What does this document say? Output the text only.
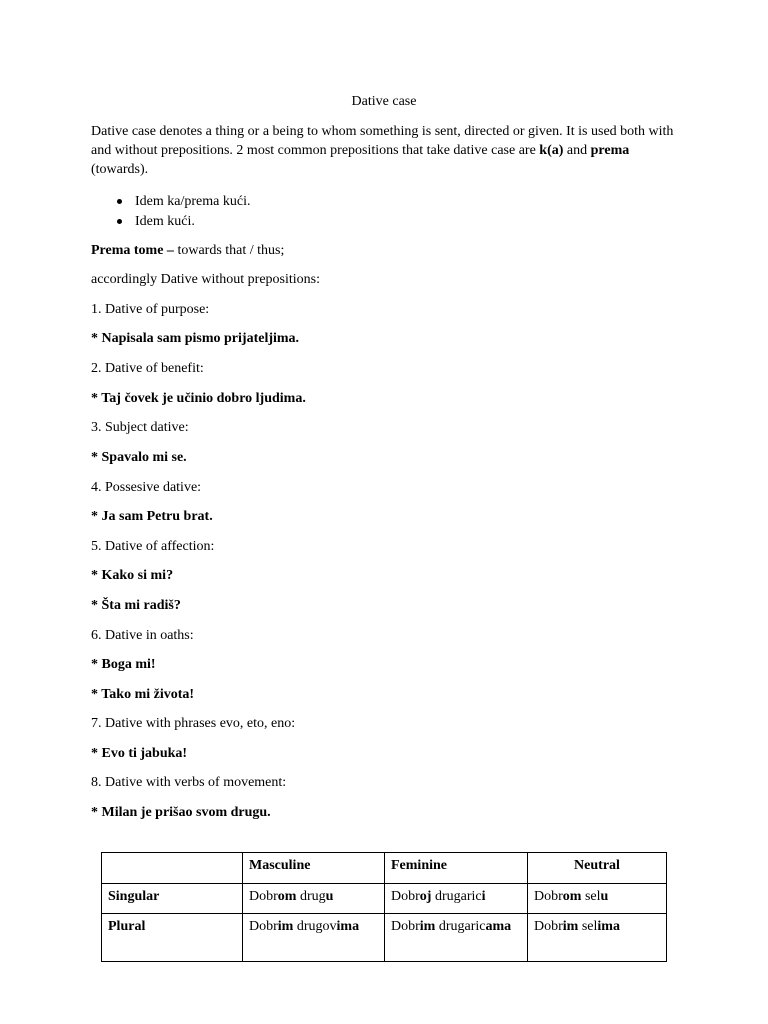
Dative case
Dative case denotes a thing or a being to whom something is sent, directed or given. It is used both with and without prepositions. 2 most common prepositions that take dative case are k(a) and prema (towards).
Idem ka/prema kući.
Idem kući.
Prema tome – towards that / thus;
accordingly Dative without prepositions:
1. Dative of purpose:
* Napisala sam pismo prijateljima.
2. Dative of benefit:
* Taj čovek je učinio dobro ljudima.
3. Subject dative:
* Spavalo mi se.
4. Possesive dative:
* Ja sam Petru brat.
5. Dative of affection:
* Kako si mi?
* Šta mi radiš?
6. Dative in oaths:
* Boga mi!
* Tako mi života!
7. Dative with phrases evo, eto, eno:
* Evo ti jabuka!
8. Dative with verbs of movement:
* Milan je prišao svom drugu.
	Masculine	Feminine	Neutral
Singular	Dobrom drugu	Dobroj drugarici	Dobrom selu
Plural	Dobrim drugovima	Dobrim drugaricama	Dobrim selima
